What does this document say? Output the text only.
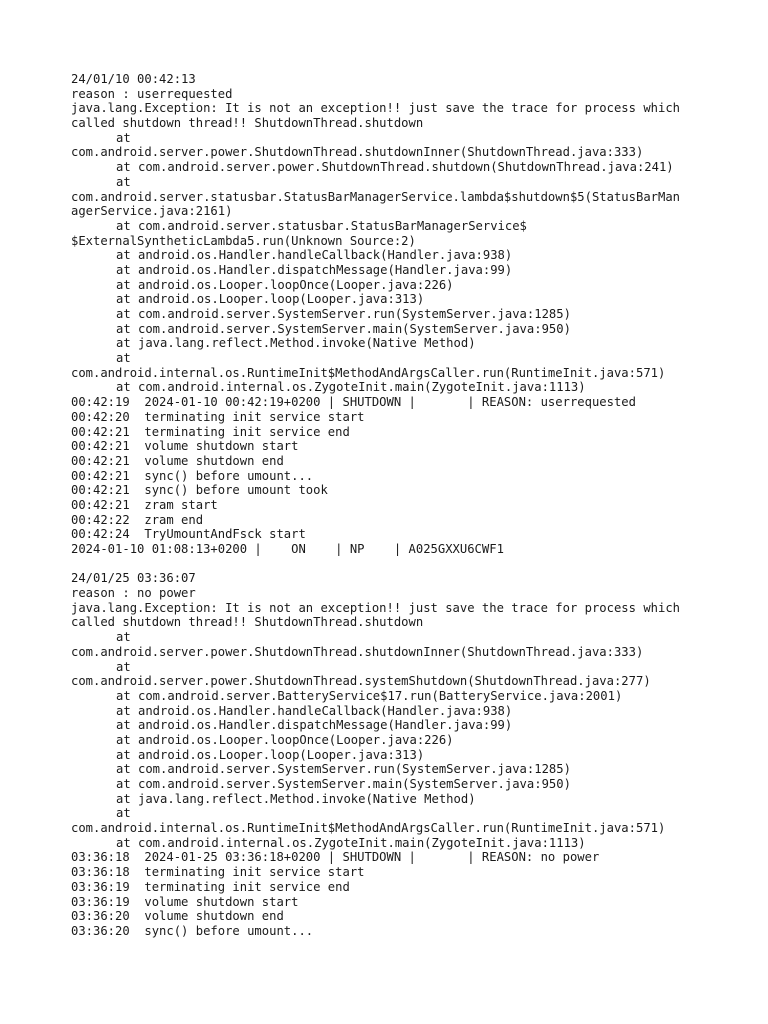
24/01/10 00:42:13
reason : userrequested
java.lang.Exception: It is not an exception!! just save the trace for process which
called shutdown thread!! ShutdownThread.shutdown
at
com.android.server.power.ShutdownThread.shutdownInner(ShutdownThread.java:333)
at com.android.server.power.ShutdownThread.shutdown(ShutdownThread.java:241)
at
com.android.server.statusbar.StatusBarManagerService.lambda$shutdown$5(StatusBarMan
agerService.java:2161)
at com.android.server.statusbar.StatusBarManagerService$
$ExternalSyntheticLambda5.run(Unknown Source:2)
at android.os.Handler.handleCallback(Handler.java:938)
at android.os.Handler.dispatchMessage(Handler.java:99)
at android.os.Looper.loopOnce(Looper.java:226)
at android.os.Looper.loop(Looper.java:313)
at com.android.server.SystemServer.run(SystemServer.java:1285)
at com.android.server.SystemServer.main(SystemServer.java:950)
at java.lang.reflect.Method.invoke(Native Method)
at
com.android.internal.os.RuntimeInit$MethodAndArgsCaller.run(RuntimeInit.java:571)
at com.android.internal.os.ZygoteInit.main(ZygoteInit.java:1113)
00:42:19  2024-01-10 00:42:19+0200 | SHUTDOWN |       | REASON: userrequested
00:42:20  terminating init service start
00:42:21  terminating init service end
00:42:21  volume shutdown start
00:42:21  volume shutdown end
00:42:21  sync() before umount...
00:42:21  sync() before umount took
00:42:21  zram start
00:42:22  zram end
00:42:24  TryUmountAndFsck start
2024-01-10 01:08:13+0200 |    ON    | NP    | A025GXXU6CWF1
24/01/25 03:36:07
reason : no power
java.lang.Exception: It is not an exception!! just save the trace for process which
called shutdown thread!! ShutdownThread.shutdown
at
com.android.server.power.ShutdownThread.shutdownInner(ShutdownThread.java:333)
at
com.android.server.power.ShutdownThread.systemShutdown(ShutdownThread.java:277)
at com.android.server.BatteryService$17.run(BatteryService.java:2001)
at android.os.Handler.handleCallback(Handler.java:938)
at android.os.Handler.dispatchMessage(Handler.java:99)
at android.os.Looper.loopOnce(Looper.java:226)
at android.os.Looper.loop(Looper.java:313)
at com.android.server.SystemServer.run(SystemServer.java:1285)
at com.android.server.SystemServer.main(SystemServer.java:950)
at java.lang.reflect.Method.invoke(Native Method)
at
com.android.internal.os.RuntimeInit$MethodAndArgsCaller.run(RuntimeInit.java:571)
at com.android.internal.os.ZygoteInit.main(ZygoteInit.java:1113)
03:36:18  2024-01-25 03:36:18+0200 | SHUTDOWN |       | REASON: no power
03:36:18  terminating init service start
03:36:19  terminating init service end
03:36:19  volume shutdown start
03:36:20  volume shutdown end
03:36:20  sync() before umount...
